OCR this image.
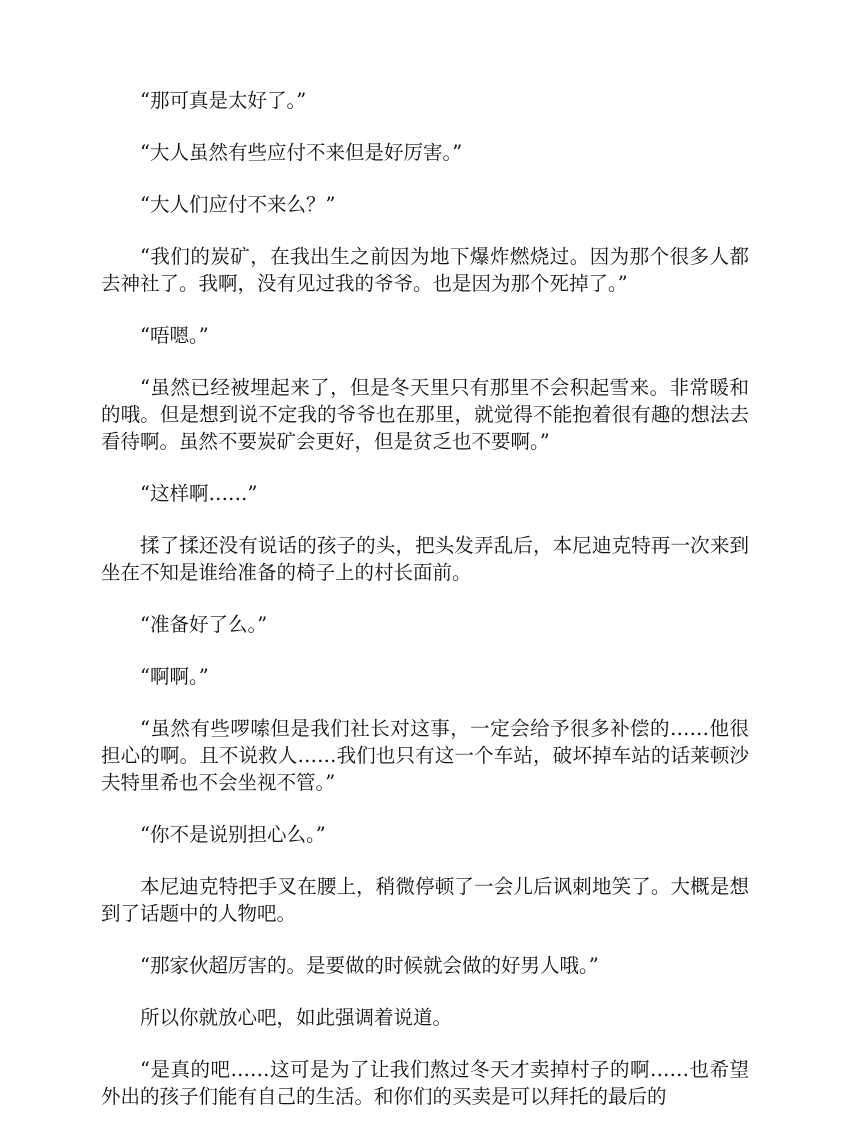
“那可真是太好了。”

“大人虽然有些应付不来但是好厉害。”

“大人们应付不来么？”

“我们的炭矿，在我出生之前因为地下爆炸燃烧过。因为那个很多人都去神社了。我啊，没有见过我的爷爷。也是因为那个死掉了。”

“唔嗯。”

“虽然已经被埋起来了，但是冬天里只有那里不会积起雪来。非常暖和的哦。但是想到说不定我的爷爷也在那里，就觉得不能抱着很有趣的想法去看待啊。虽然不要炭矿会更好，但是贫乏也不要啊。”

“这样啊……”

揉了揉还没有说话的孩子的头，把头发弄乱后，本尼迪克特再一次来到坐在不知是谁给准备的椅子上的村长面前。

“准备好了么。”

“啊啊。”

“虽然有些啰嗦但是我们社长对这事，一定会给予很多补偿的……他很担心的啊。且不说救人……我们也只有这一个车站，破坏掉车站的话莱顿沙夫特里希也不会坐视不管。”

“你不是说别担心么。”

本尼迪克特把手叉在腰上，稍微停顿了一会儿后讽刺地笑了。大概是想到了话题中的人物吧。

“那家伙超厉害的。是要做的时候就会做的好男人哦。”

所以你就放心吧，如此强调着说道。

“是真的吧……这可是为了让我们熬过冬天才卖掉村子的啊……也希望外出的孩子们能有自己的生活。和你们的买卖是可以拜托的最后的
